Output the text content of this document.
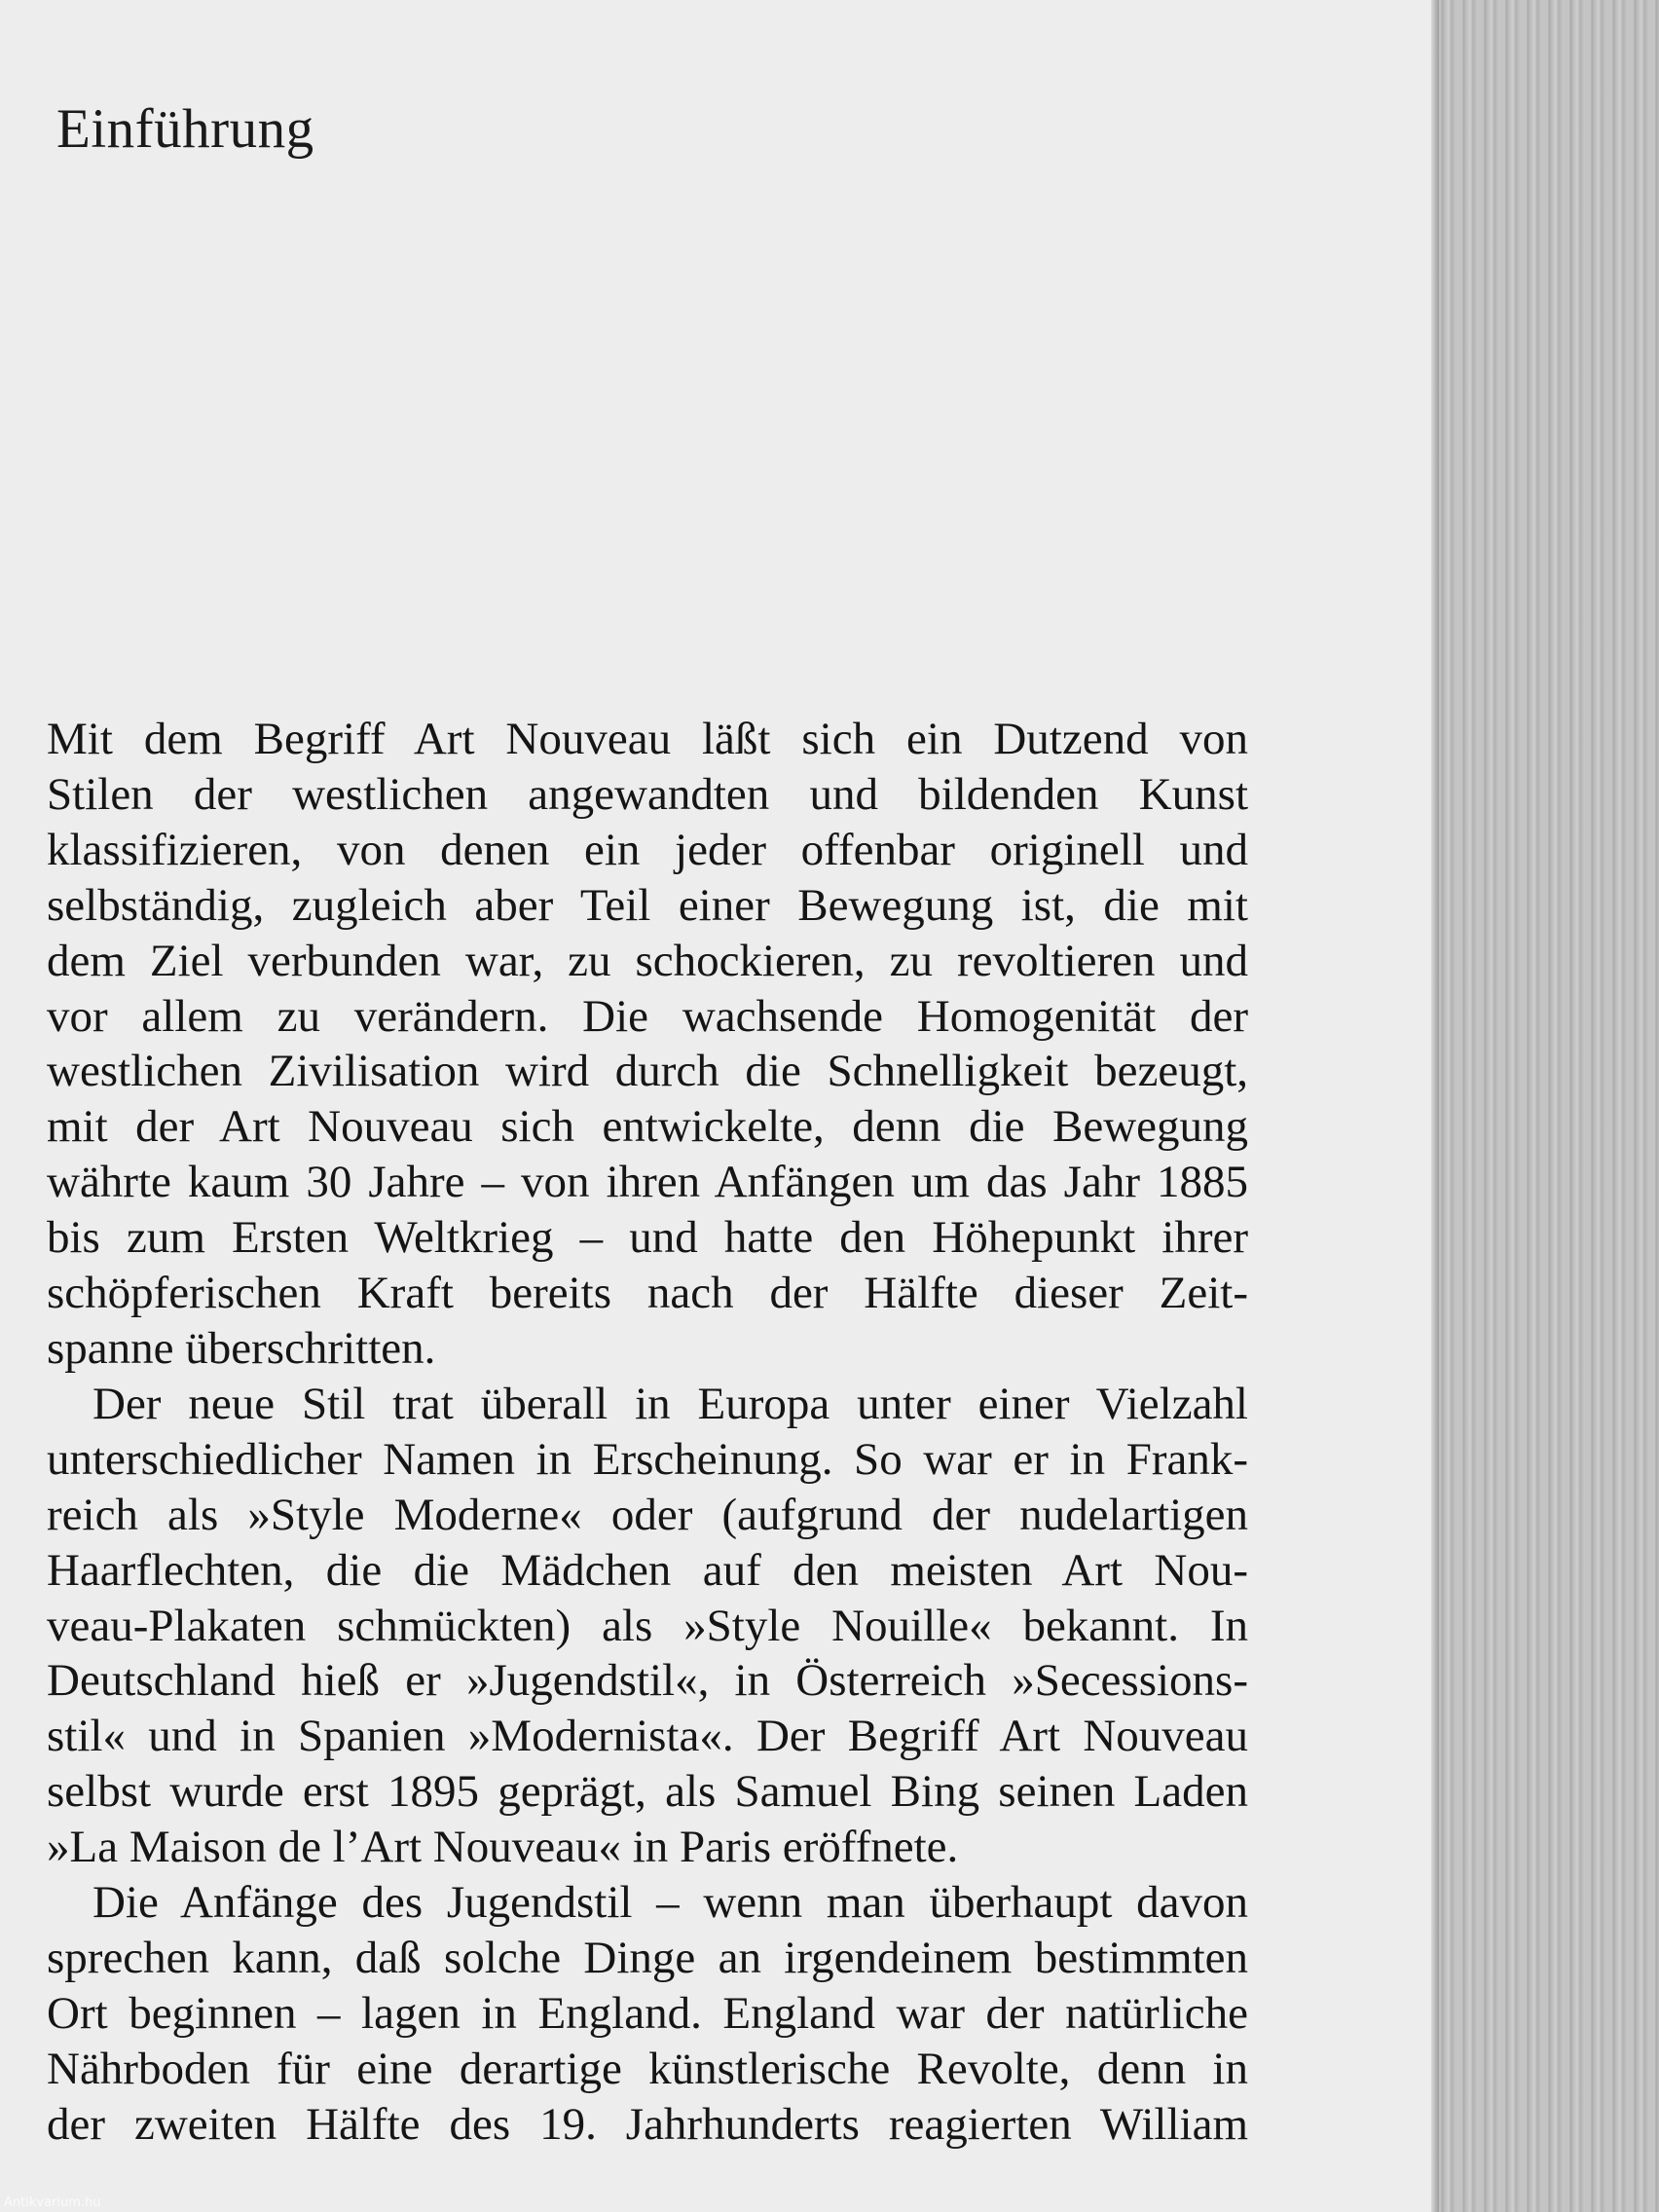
Einführung

Mit dem Begriff Art Nouveau läßt sich ein Dutzend von

Stilen der westlichen angewandten und bildenden Kunst

klassifizieren, von denen ein jeder offenbar originell und

selbständig, zugleich aber Teil einer Bewegung ist, die mit

dem Ziel verbunden war, zu schockieren, zu revoltieren und

vor allem zu verändern. Die wachsende Homogenität der

westlichen Zivilisation wird durch die Schnelligkeit bezeugt,

mit der Art Nouveau sich entwickelte, denn die Bewegung

währte kaum 30 Jahre – von ihren Anfängen um das Jahr 1885

bis zum Ersten Weltkrieg – und hatte den Höhepunkt ihrer

schöpferischen Kraft bereits nach der Hälfte dieser Zeit-

spanne überschritten.

Der neue Stil trat überall in Europa unter einer Vielzahl

unterschiedlicher Namen in Erscheinung. So war er in Frank-

reich als »Style Moderne« oder (aufgrund der nudelartigen

Haarflechten, die die Mädchen auf den meisten Art Nou-

veau-Plakaten schmückten) als »Style Nouille« bekannt. In

Deutschland hieß er »Jugendstil«, in Österreich »Secessions-

stil« und in Spanien »Modernista«. Der Begriff Art Nouveau

selbst wurde erst 1895 geprägt, als Samuel Bing seinen Laden

»La Maison de l’Art Nouveau« in Paris eröffnete.

Die Anfänge des Jugendstil – wenn man überhaupt davon

sprechen kann, daß solche Dinge an irgendeinem bestimmten

Ort beginnen – lagen in England. England war der natürliche

Nährboden für eine derartige künstlerische Revolte, denn in

der zweiten Hälfte des 19. Jahrhunderts reagierten William

Antikvarium.hu
